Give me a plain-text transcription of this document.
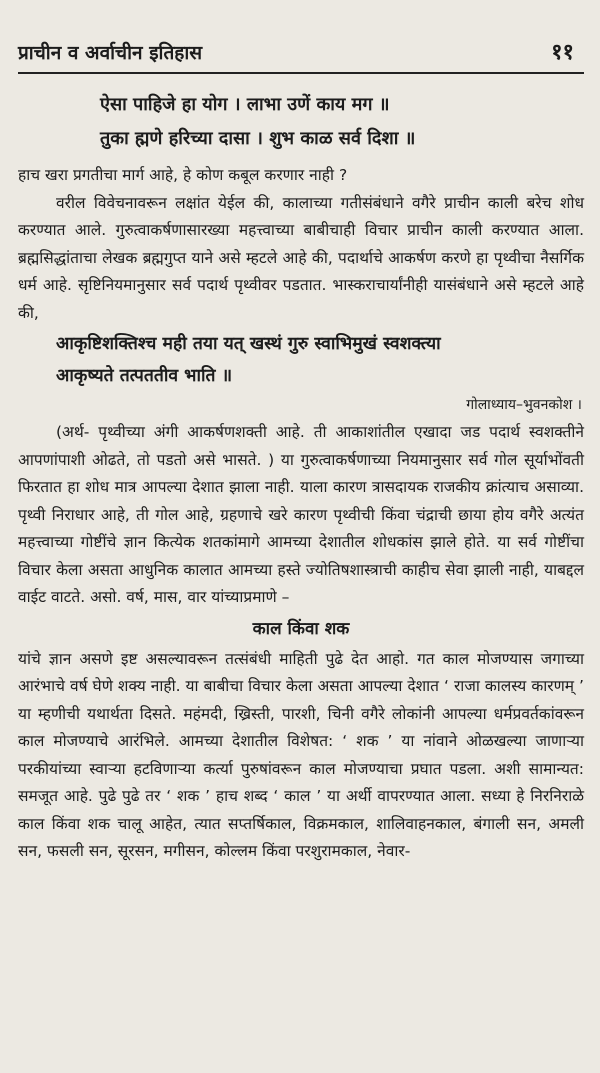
प्राचीन व अर्वाचीन इतिहास	११
ऐसा पाहिजे हा योग । लाभा उणें काय मग ॥
तुका ह्मणे हरिच्या दासा । शुभ काळ सर्व दिशा ॥

हाच खरा प्रगतीचा मार्ग आहे, हे कोण कबूल करणार नाही ?

वरील विवेचनावरून लक्षांत येईल की, कालाच्या गतीसंबंधाने वगैरे प्राचीन काली बरेच शोध करण्यात आले. गुरुत्वाकर्षणासारख्या महत्त्वाच्या बाबीचाही विचार प्राचीन काली करण्यात आला. ब्रह्मसिद्धांताचा लेखक ब्रह्मगुप्त याने असे म्हटले आहे की, पदार्थाचे आकर्षण करणे हा पृथ्वीचा नैसर्गिक धर्म आहे. सृष्टिनियमानुसार सर्व पदार्थ पृथ्वीवर पडतात. भास्कराचार्यांनीही यासंबंधाने असे म्हटले आहे की,

आकृष्टिशक्तिश्च मही तया यत् खस्थं गुरु स्वाभिमुखं स्वशक्त्या
आकृष्यते तत्पततीव भाति ॥
गोलाध्याय–भुवनकोश ।

(अर्थ- पृथ्वीच्या अंगी आकर्षणशक्ती आहे. ती आकाशांतील एखादा जड पदार्थ स्वशक्तीने आपणांपाशी ओढते, तो पडतो असे भासते. ) या गुरुत्वाकर्षणाच्या नियमानुसार सर्व गोल सूर्याभोंवती फिरतात हा शोध मात्र आपल्या देशात झाला नाही. याला कारण त्रासदायक राजकीय क्रांत्याच असाव्या. पृथ्वी निराधार आहे, ती गोल आहे, ग्रहणाचे खरे कारण पृथ्वीची किंवा चंद्राची छाया होय वगैरे अत्यंत महत्त्वाच्या गोष्टींचे ज्ञान कित्येक शतकांमागे आमच्या देशातील शोधकांस झाले होते. या सर्व गोष्टींचा विचार केला असता आधुनिक कालात आमच्या हस्ते ज्योतिषशास्त्राची काहीच सेवा झाली नाही, याबद्दल वाईट वाटते. असो. वर्ष, मास, वार यांच्याप्रमाणे –

काल किंवा शक

यांचे ज्ञान असणे इष्ट असल्यावरून तत्संबंधी माहिती पुढे देत आहो. गत काल मोजण्यास जगाच्या आरंभाचे वर्ष घेणे शक्य नाही. या बाबीचा विचार केला असता आपल्या देशात ‘ राजा कालस्य कारणम् ’ या म्हणीची यथार्थता दिसते. महंमदी, ख्रिस्ती, पारशी, चिनी वगैरे लोकांनी आपल्या धर्मप्रवर्तकांवरून काल मोजण्याचे आरंभिले. आमच्या देशातील विशेषत: ‘ शक ’ या नांवाने ओळखल्या जाणाऱ्या परकीयांच्या स्वाऱ्या हटविणाऱ्या कर्त्या पुरुषांवरून काल मोजण्याचा प्रघात पडला. अशी सामान्यत: समजूत आहे. पुढे पुढे तर ‘ शक ’ हाच शब्द ‘ काल ’ या अर्थी वापरण्यात आला. सध्या हे निरनिराळे काल किंवा शक चालू आहेत, त्यात सप्तर्षिकाल, विक्रमकाल, शालिवाहनकाल, बंगाली सन, अमली सन, फसली सन, सूरसन, मगीसन, कोल्लम किंवा परशुरामकाल, नेवार-
